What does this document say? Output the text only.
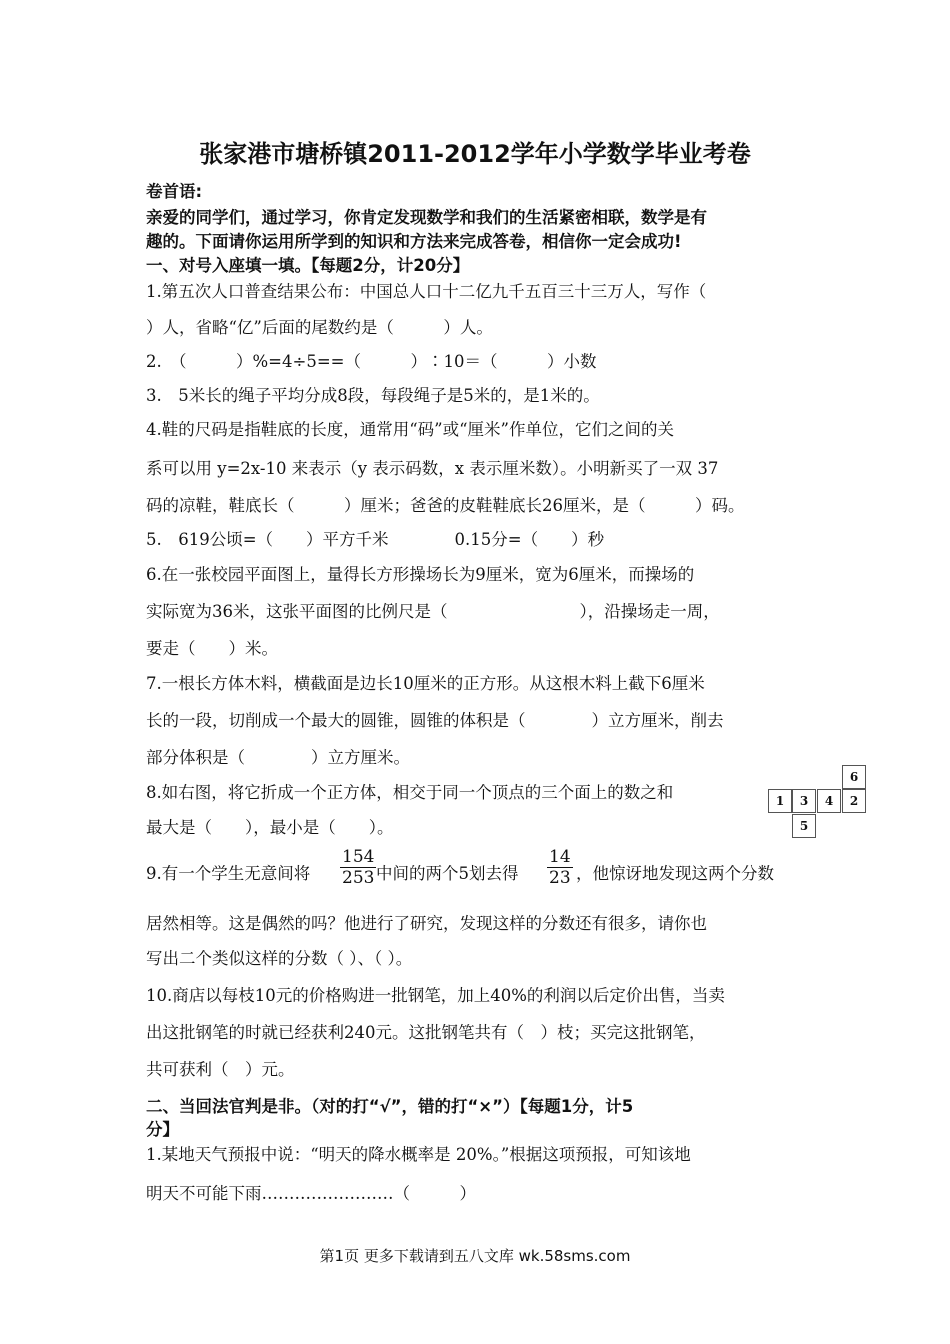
张家港市塘桥镇2011-2012学年小学数学毕业考卷
卷首语:
亲爱的同学们，通过学习，你肯定发现数学和我们的生活紧密相联，数学是有
趣的。下面请你运用所学到的知识和方法来完成答卷，相信你一定会成功!
一、对号入座填一填。【每题2分，计20分】
1.第五次人口普查结果公布：中国总人口十二亿九千五百三十三万人，写作（
）人，省略“亿”后面的尾数约是（　　　）人。
2.　（　　　）%=4÷5==（　　　）∶10＝（　　　）小数
3.　5米长的绳子平均分成8段，每段绳子是5米的，是1米的。
4.鞋的尺码是指鞋底的长度，通常用“码”或“厘米”作单位，它们之间的关
系可以用 y=2x-10 来表示（y 表示码数，x 表示厘米数）。小明新买了一双 37
码的凉鞋，鞋底长（　　　）厘米；爸爸的皮鞋鞋底长26厘米，是（　　　）码。
5.　619公顷=（　　）平方千米　　　　0.15分=（　　）秒
6.在一张校园平面图上，量得长方形操场长为9厘米，宽为6厘米，而操场的
实际宽为36米，这张平面图的比例尺是（　　　　　　　　），沿操场走一周，
要走（　　）米。
7.一根长方体木料，横截面是边长10厘米的正方形。从这根木料上截下6厘米
长的一段，切削成一个最大的圆锥，圆锥的体积是（　　　　）立方厘米，削去
部分体积是（　　　　）立方厘米。
8.如右图，将它折成一个正方体，相交于同一个顶点的三个面上的数之和
最大是（　　），最小是（　　）。
6
1	3	4	2
5
9.有一个学生无意间将
154
253 中间的两个5划去得
14
23 ，他惊讶地发现这两个分数
居然相等。这是偶然的吗？他进行了研究，发现这样的分数还有很多，请你也
写出二个类似这样的分数（ ）、（ ）。
10.商店以每枝10元的价格购进一批钢笔，加上40%的利润以后定价出售，当卖
出这批钢笔的时就已经获利240元。这批钢笔共有（　）枝；买完这批钢笔，
共可获利（　）元。
二、当回法官判是非。（对的打“√”，错的打“×”）【每题1分，计5
分】
1.某地天气预报中说：“明天的降水概率是 20%。”根据这项预报，可知该地
明天不可能下雨……………………（　　　）
第1页 更多下载请到五八文库 wk.58sms.com
